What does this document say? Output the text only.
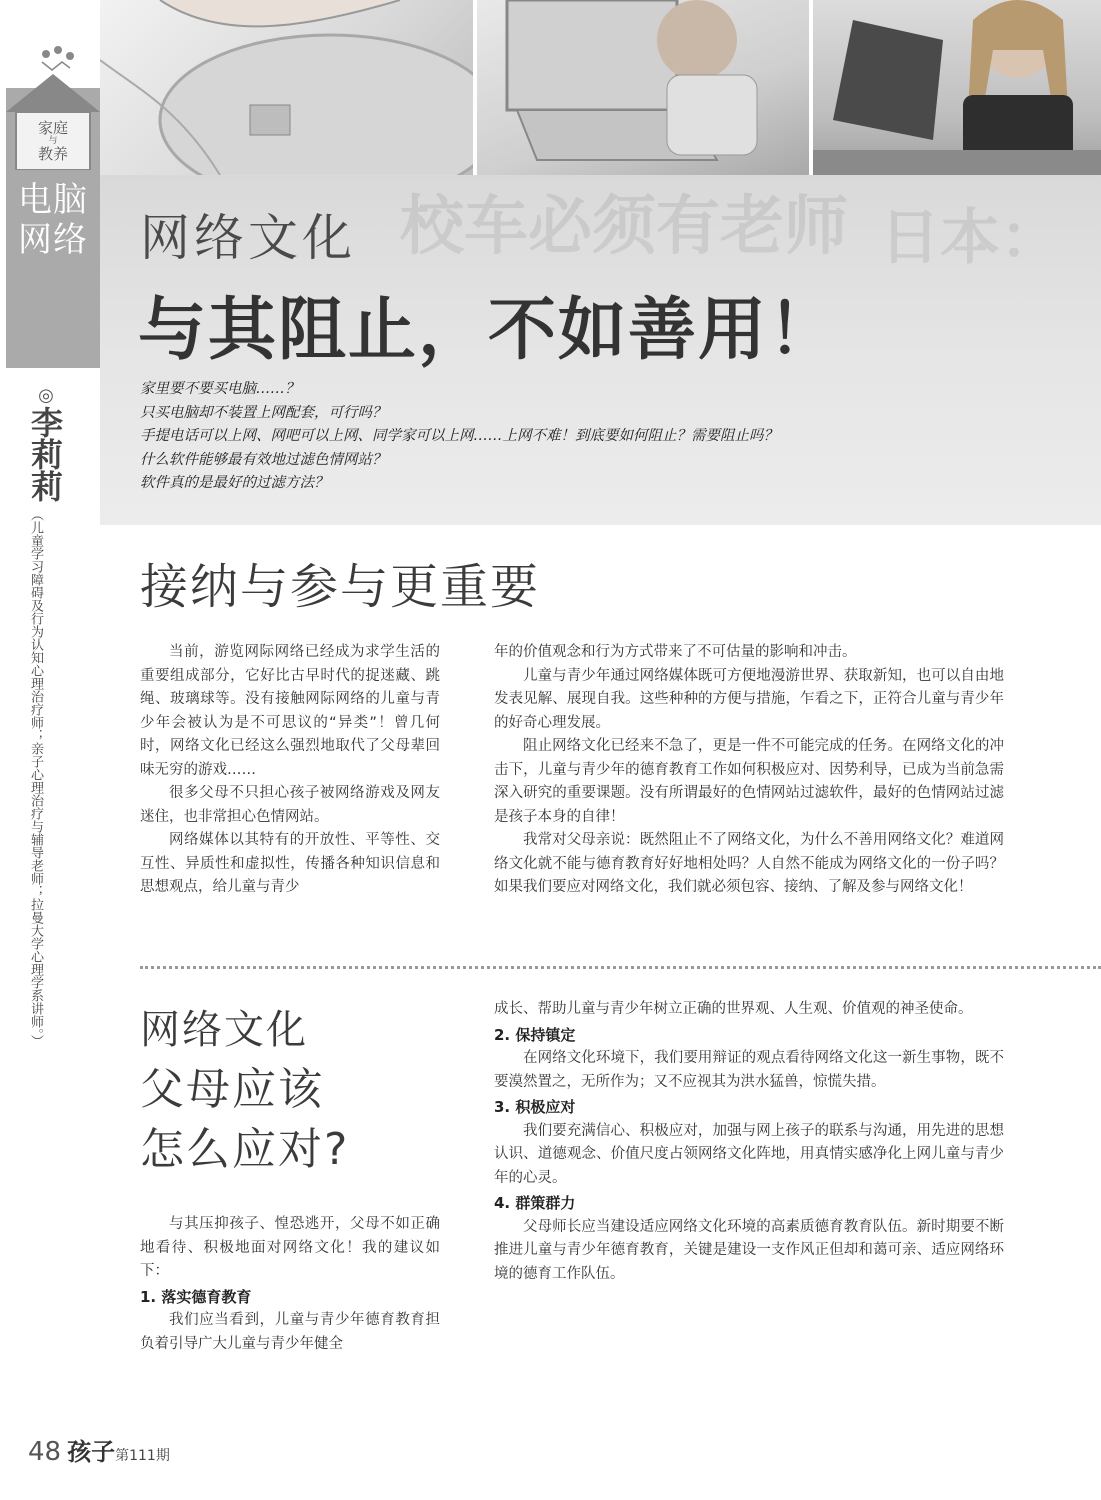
日本：
校车必须有老师
家庭
与
教养
电脑网络
◎
李莉莉
（儿童学习障碍及行为认知心理治疗师；亲子心理治疗与辅导老师；拉曼大学心理学系讲师。）
网络文化
与其阻止，不如善用！
家里要不要买电脑……？
只买电脑却不装置上网配套，可行吗？
手提电话可以上网、网吧可以上网、同学家可以上网……上网不难！到底要如何阻止？需要阻止吗？
什么软件能够最有效地过滤色情网站？
软件真的是最好的过滤方法？
接纳与参与更重要

当前，游览网际网络已经成为求学生活的重要组成部分，它好比古早时代的捉迷藏、跳绳、玻璃球等。没有接触网际网络的儿童与青少年会被认为是不可思议的“异类”！曾几何时，网络文化已经这么强烈地取代了父母辈回味无穷的游戏……

很多父母不只担心孩子被网络游戏及网友迷住，也非常担心色情网站。

网络媒体以其特有的开放性、平等性、交互性、异质性和虚拟性，传播各种知识信息和思想观点，给儿童与青少

年的价值观念和行为方式带来了不可估量的影响和冲击。

儿童与青少年通过网络媒体既可方便地漫游世界、获取新知，也可以自由地发表见解、展现自我。这些种种的方便与措施，乍看之下，正符合儿童与青少年的好奇心理发展。

阻止网络文化已经来不急了，更是一件不可能完成的任务。在网络文化的冲击下，儿童与青少年的德育教育工作如何积极应对、因势利导，已成为当前急需深入研究的重要课题。没有所谓最好的色情网站过滤软件，最好的色情网站过滤是孩子本身的自律！

我常对父母亲说：既然阻止不了网络文化，为什么不善用网络文化？难道网络文化就不能与德育教育好好地相处吗？人自然不能成为网络文化的一份子吗？如果我们要应对网络文化，我们就必须包容、接纳、了解及参与网络文化！

网络文化
父母应该
怎么应对?

与其压抑孩子、惶恐逃开，父母不如正确地看待、积极地面对网络文化！我的建议如下：

1. 落实德育教育

我们应当看到，儿童与青少年德育教育担负着引导广大儿童与青少年健全

成长、帮助儿童与青少年树立正确的世界观、人生观、价值观的神圣使命。

2. 保持镇定

在网络文化环境下，我们要用辩证的观点看待网络文化这一新生事物，既不要漠然置之，无所作为；又不应视其为洪水猛兽，惊慌失措。

3. 积极应对

我们要充满信心、积极应对，加强与网上孩子的联系与沟通，用先进的思想认识、道德观念、价值尺度占领网络文化阵地，用真情实感净化上网儿童与青少年的心灵。

4. 群策群力

父母师长应当建设适应网络文化环境的高素质德育教育队伍。新时期要不断推进儿童与青少年德育教育，关键是建设一支作风正但却和蔼可亲、适应网络环境的德育工作队伍。

48 孩子第111期
